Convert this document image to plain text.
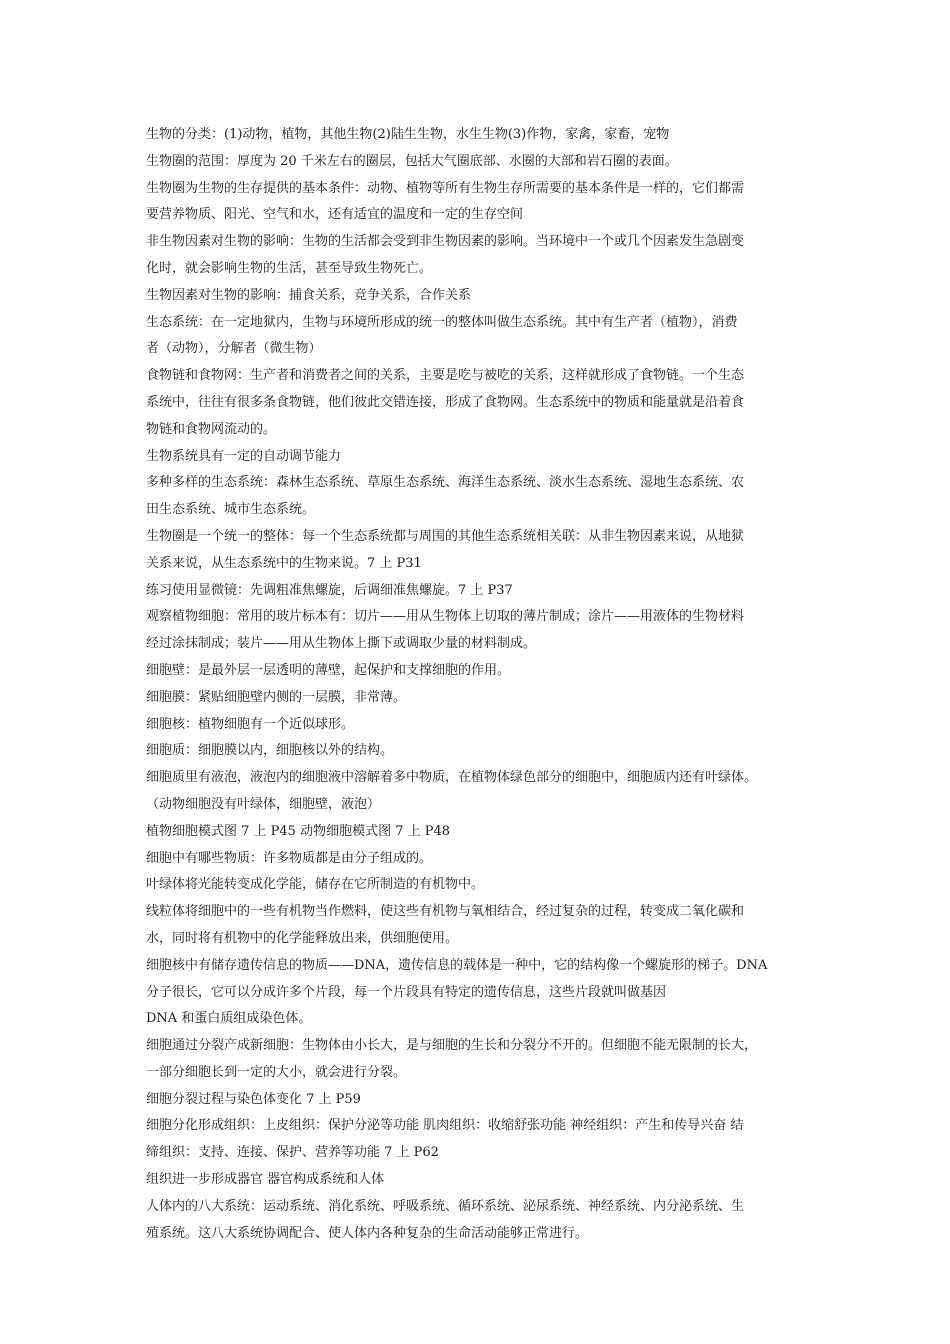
生物的分类：(1)动物，植物，其他生物(2)陆生生物，水生生物(3)作物，家禽，家畜，宠物
生物圈的范围：厚度为 20 千米左右的圈层，包括大气圈底部、水圈的大部和岩石圈的表面。
生物圈为生物的生存提供的基本条件：动物、植物等所有生物生存所需要的基本条件是一样的，它们都需
要营养物质、阳光、空气和水，还有适宜的温度和一定的生存空间
非生物因素对生物的影响：生物的生活都会受到非生物因素的影响。当环境中一个或几个因素发生急剧变
化时，就会影响生物的生活，甚至导致生物死亡。
生物因素对生物的影响：捕食关系，竞争关系，合作关系
生态系统：在一定地狱内，生物与环境所形成的统一的整体叫做生态系统。其中有生产者（植物），消费
者（动物），分解者（微生物）
食物链和食物网：生产者和消费者之间的关系，主要是吃与被吃的关系，这样就形成了食物链。一个生态
系统中，往往有很多条食物链，他们彼此交错连接，形成了食物网。生态系统中的物质和能量就是沿着食
物链和食物网流动的。
生物系统具有一定的自动调节能力
多种多样的生态系统：森林生态系统、草原生态系统、海洋生态系统、淡水生态系统、湿地生态系统、农
田生态系统、城市生态系统。
生物圈是一个统一的整体：每一个生态系统都与周围的其他生态系统相关联：从非生物因素来说，从地狱
关系来说，从生态系统中的生物来说。7 上 P31
练习使用显微镜：先调粗准焦螺旋，后调细准焦螺旋。7 上 P37
观察植物细胞：常用的玻片标本有：切片——用从生物体上切取的薄片制成；涂片——用液体的生物材料
经过涂抹制成；装片——用从生物体上撕下或调取少量的材料制成。
细胞壁：是最外层一层透明的薄壁，起保护和支撑细胞的作用。
细胞膜：紧贴细胞壁内侧的一层膜，非常薄。
细胞核：植物细胞有一个近似球形。
细胞质：细胞膜以内，细胞核以外的结构。
细胞质里有液泡，液泡内的细胞液中溶解着多中物质，在植物体绿色部分的细胞中，细胞质内还有叶绿体。
（动物细胞没有叶绿体，细胞壁，液泡）
植物细胞模式图 7 上 P45 动物细胞模式图 7 上 P48
细胞中有哪些物质：许多物质都是由分子组成的。
叶绿体将光能转变成化学能，储存在它所制造的有机物中。
线粒体将细胞中的一些有机物当作燃料，使这些有机物与氧相结合，经过复杂的过程，转变成二氧化碳和
水，同时将有机物中的化学能释放出来，供细胞使用。
细胞核中有储存遗传信息的物质——DNA，遗传信息的载体是一种中，它的结构像一个螺旋形的梯子。DNA
分子很长，它可以分成许多个片段，每一个片段具有特定的遗传信息，这些片段就叫做基因
DNA 和蛋白质组成染色体。
细胞通过分裂产成新细胞：生物体由小长大，是与细胞的生长和分裂分不开的。但细胞不能无限制的长大，
一部分细胞长到一定的大小，就会进行分裂。
细胞分裂过程与染色体变化 7 上 P59
细胞分化形成组织：上皮组织：保护分泌等功能 肌肉组织：收缩舒张功能 神经组织：产生和传导兴奋 结
缔组织：支持、连接、保护、营养等功能 7 上 P62
组织进一步形成器官 器官构成系统和人体
人体内的八大系统：运动系统、消化系统、呼吸系统、循环系统、泌尿系统、神经系统、内分泌系统、生
殖系统。这八大系统协调配合、使人体内各种复杂的生命活动能够正常进行。
